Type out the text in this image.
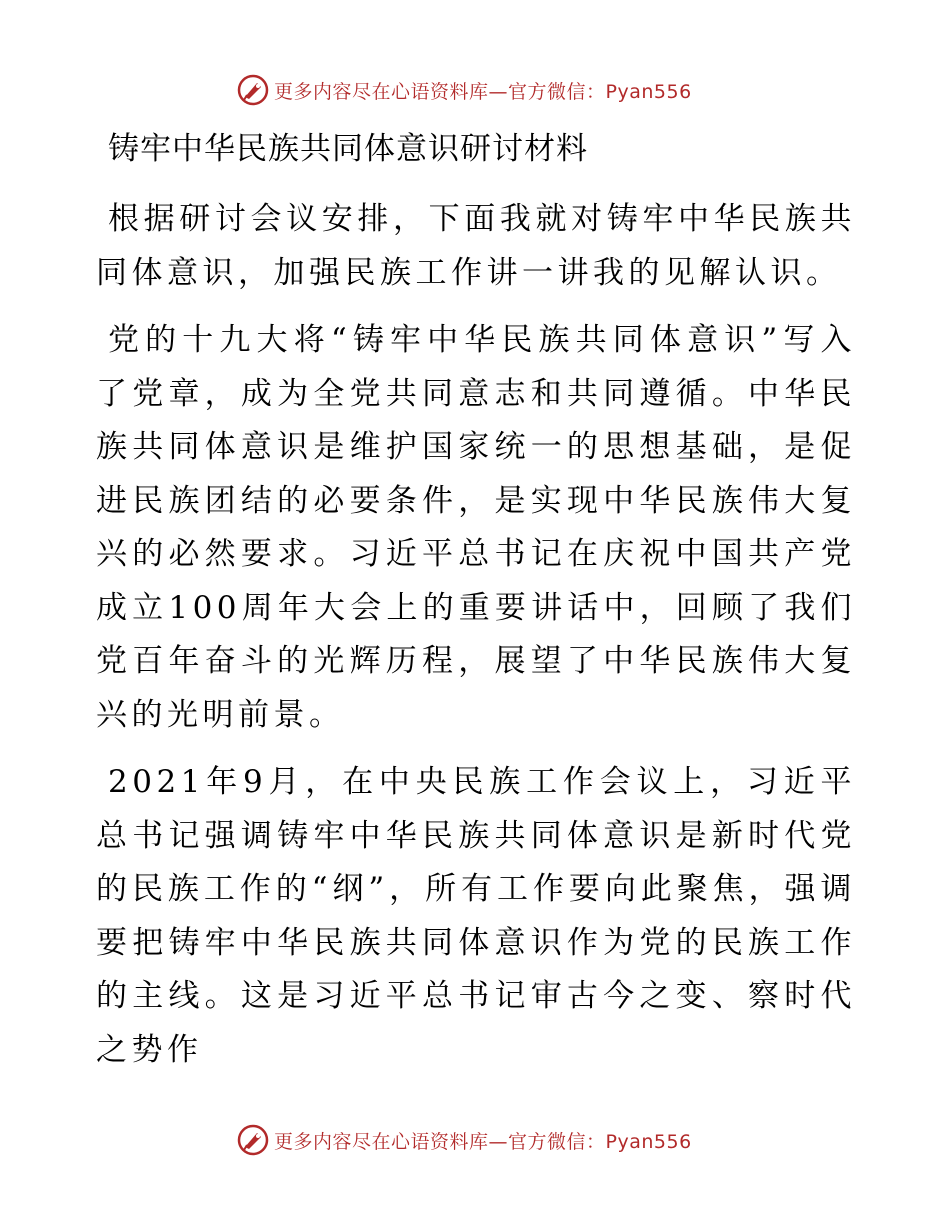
更多内容尽在心语资料库—官方微信：Pyan556
铸牢中华民族共同体意识研讨材料

根据研讨会议安排，下面我就对铸牢中华民族共同体意识，加强民族工作讲一讲我的见解认识。

党的十九大将“铸牢中华民族共同体意识”写入了党章，成为全党共同意志和共同遵循。中华民族共同体意识是维护国家统一的思想基础，是促进民族团结的必要条件，是实现中华民族伟大复兴的必然要求。习近平总书记在庆祝中国共产党成立100周年大会上的重要讲话中，回顾了我们党百年奋斗的光辉历程，展望了中华民族伟大复兴的光明前景。

2021年9月，在中央民族工作会议上，习近平总书记强调铸牢中华民族共同体意识是新时代党的民族工作的“纲”，所有工作要向此聚焦，强调要把铸牢中华民族共同体意识作为党的民族工作的主线。这是习近平总书记审古今之变、察时代之势作

更多内容尽在心语资料库—官方微信：Pyan556
